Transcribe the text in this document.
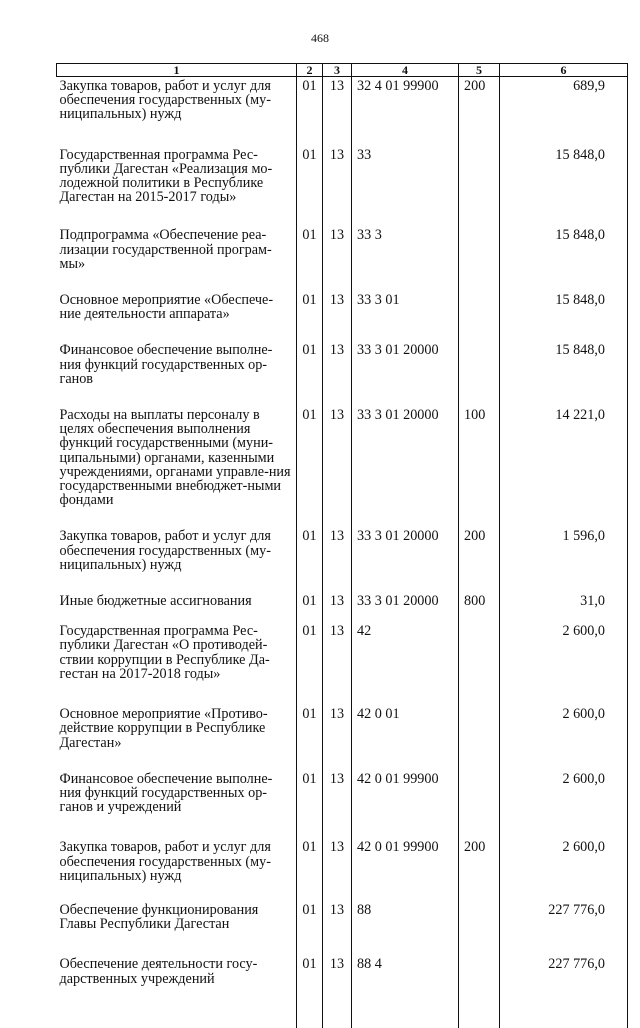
468
1	2	3	4	5	6
Закупка товаров, работ и услуг для обеспечения государственных (му-ниципальных) нужд	01	13	32 4 01 99900	200	689,9
Государственная программа Рес-публики Дагестан «Реализация мо-лодежной политики в Республике Дагестан на 2015-2017 годы»	01	13	33		15 848,0
Подпрограмма «Обеспечение реа-лизации государственной програм-мы»	01	13	33 3		15 848,0
Основное мероприятие «Обеспече-ние деятельности аппарата»	01	13	33 3 01		15 848,0
Финансовое обеспечение выполне-ния функций государственных ор-ганов	01	13	33 3 01 20000		15 848,0
Расходы на выплаты персоналу в целях обеспечения выполнения функций государственными (муни-ципальными) органами, казенными учреждениями, органами управле-ния государственными внебюджет-ными фондами	01	13	33 3 01 20000	100	14 221,0
Закупка товаров, работ и услуг для обеспечения государственных (му-ниципальных) нужд	01	13	33 3 01 20000	200	1 596,0
Иные бюджетные ассигнования	01	13	33 3 01 20000	800	31,0
Государственная программа Рес-публики Дагестан «О противодей-ствии коррупции в Республике Да-гестан на 2017-2018 годы»	01	13	42		2 600,0
Основное мероприятие «Противо-действие коррупции в Республике Дагестан»	01	13	42 0 01		2 600,0
Финансовое обеспечение выполне-ния функций государственных ор-ганов и учреждений	01	13	42 0 01 99900		2 600,0
Закупка товаров, работ и услуг для обеспечения государственных (му-ниципальных) нужд	01	13	42 0 01 99900	200	2 600,0
Обеспечение функционирования Главы Республики Дагестан	01	13	88		227 776,0
Обеспечение деятельности госу-дарственных учреждений	01	13	88 4		227 776,0
